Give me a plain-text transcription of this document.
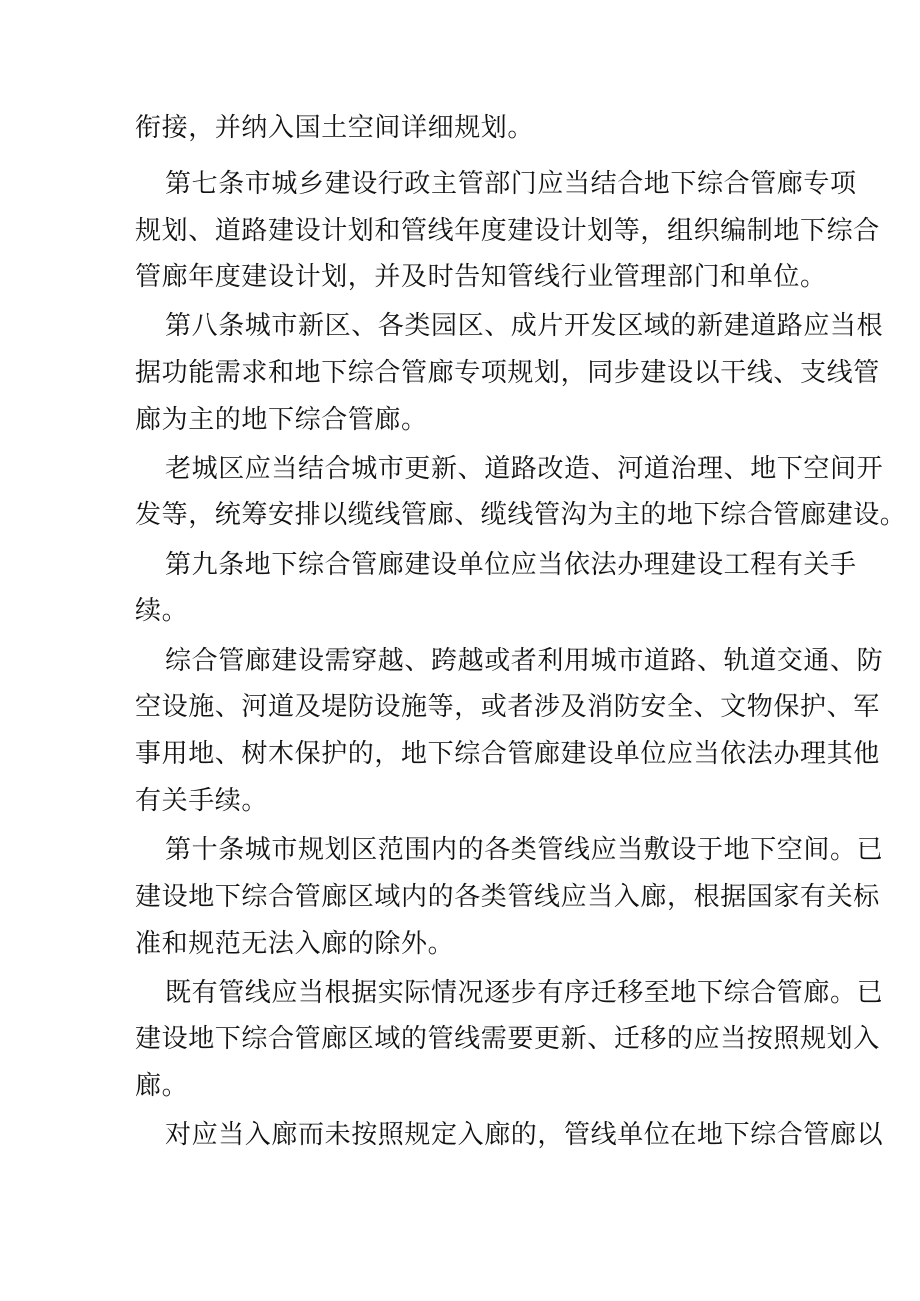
衔接，并纳入国土空间详细规划。
第七条市城乡建设行政主管部门应当结合地下综合管廊专项
规划、道路建设计划和管线年度建设计划等，组织编制地下综合
管廊年度建设计划，并及时告知管线行业管理部门和单位。
第八条城市新区、各类园区、成片开发区域的新建道路应当根
据功能需求和地下综合管廊专项规划，同步建设以干线、支线管
廊为主的地下综合管廊。
老城区应当结合城市更新、道路改造、河道治理、地下空间开
发等，统筹安排以缆线管廊、缆线管沟为主的地下综合管廊建设。
第九条地下综合管廊建设单位应当依法办理建设工程有关手
续。
综合管廊建设需穿越、跨越或者利用城市道路、轨道交通、防
空设施、河道及堤防设施等，或者涉及消防安全、文物保护、军
事用地、树木保护的，地下综合管廊建设单位应当依法办理其他
有关手续。
第十条城市规划区范围内的各类管线应当敷设于地下空间。已
建设地下综合管廊区域内的各类管线应当入廊，根据国家有关标
准和规范无法入廊的除外。
既有管线应当根据实际情况逐步有序迁移至地下综合管廊。已
建设地下综合管廊区域的管线需要更新、迁移的应当按照规划入
廊。
对应当入廊而未按照规定入廊的，管线单位在地下综合管廊以
